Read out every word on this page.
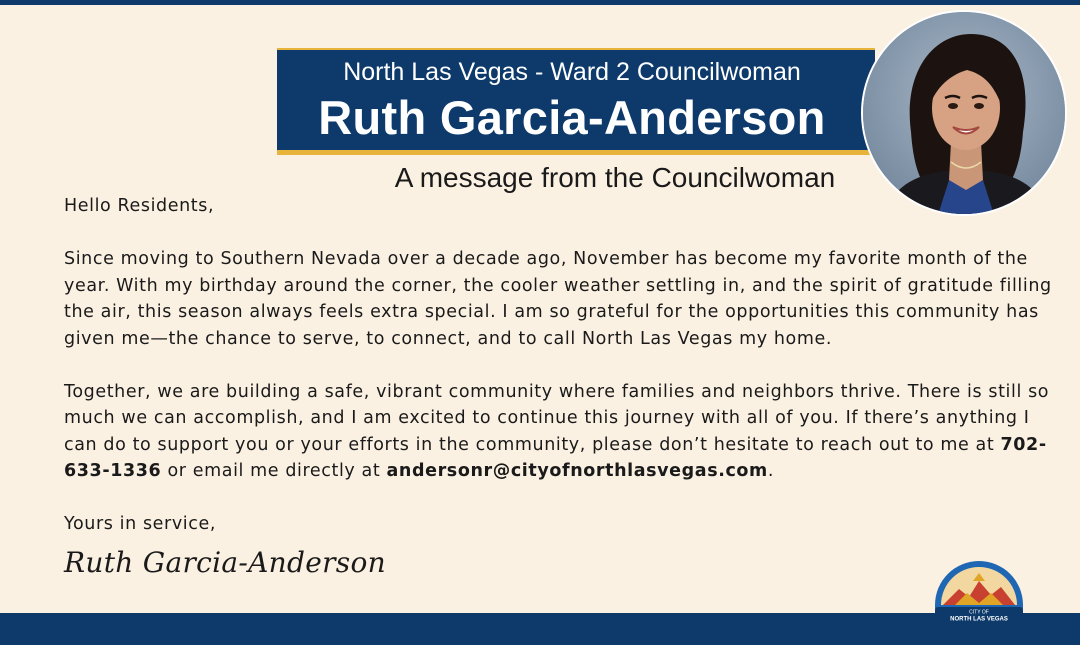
North Las Vegas - Ward 2 Councilwoman
Ruth Garcia-Anderson
A message from the Councilwoman

Hello Residents,

Since moving to Southern Nevada over a decade ago, November has become my favorite month of the year. With my birthday around the corner, the cooler weather settling in, and the spirit of gratitude filling the air, this season always feels extra special. I am so grateful for the opportunities this community has given me—the chance to serve, to connect, and to call North Las Vegas my home.

Together, we are building a safe, vibrant community where families and neighbors thrive. There is still so much we can accomplish, and I am excited to continue this journey with all of you. If there’s anything I can do to support you or your efforts in the community, please don’t hesitate to reach out to me at 702-633-1336 or email me directly at andersonr@cityofnorthlasvegas.com.

Yours in service,

Ruth Garcia-Anderson
CITY OF
NORTH LAS VEGAS
